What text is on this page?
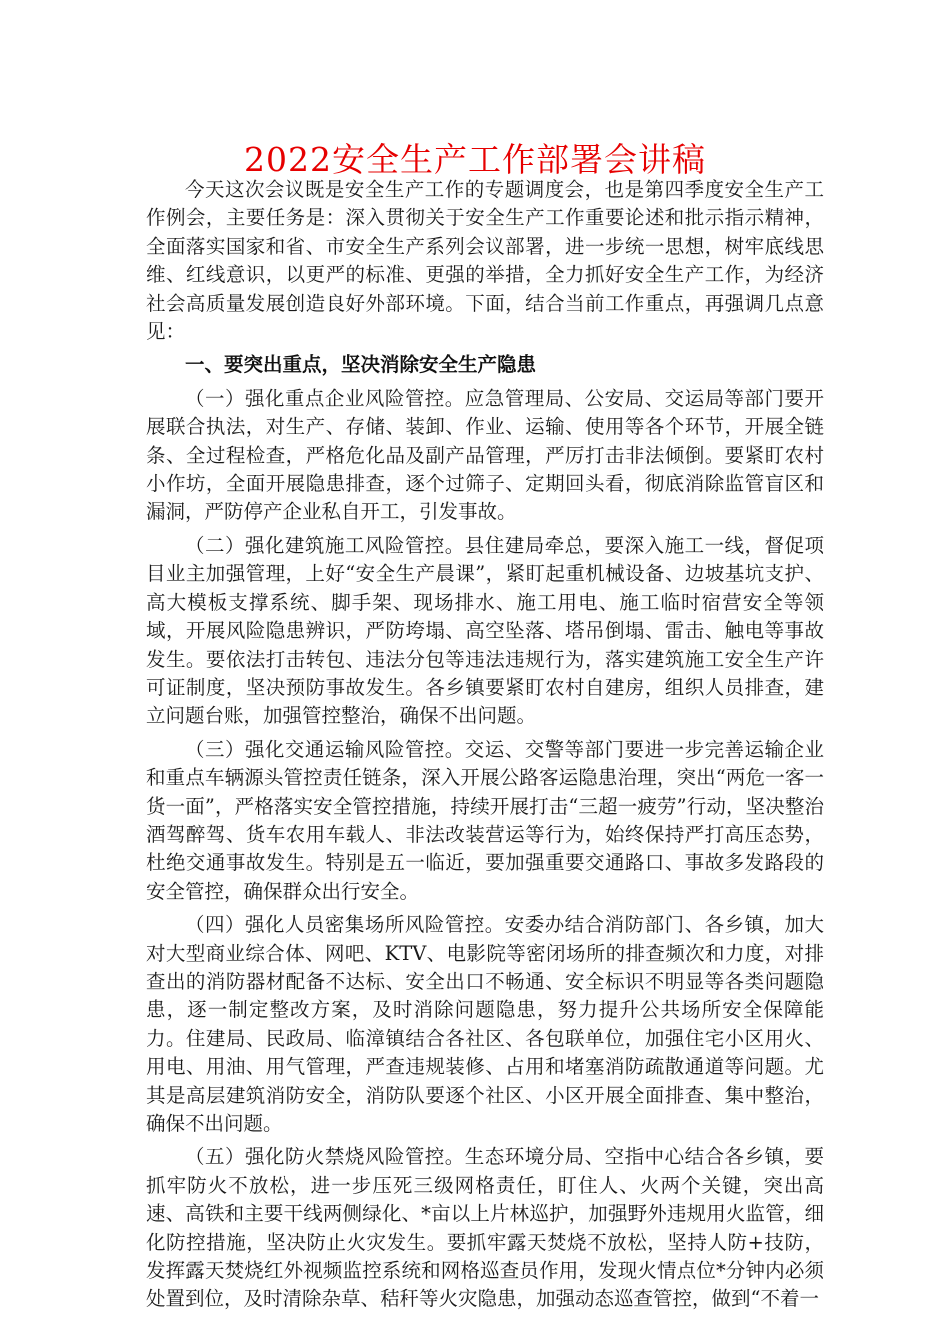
2022安全生产工作部署会讲稿

今天这次会议既是安全生产工作的专题调度会，也是第四季度安全生产工作例会，主要任务是：深入贯彻关于安全生产工作重要论述和批示指示精神，全面落实国家和省、市安全生产系列会议部署，进一步统一思想，树牢底线思维、红线意识，以更严的标准、更强的举措，全力抓好安全生产工作，为经济社会高质量发展创造良好外部环境。下面，结合当前工作重点，再强调几点意见：

一、要突出重点，坚决消除安全生产隐患

（一）强化重点企业风险管控。应急管理局、公安局、交运局等部门要开展联合执法，对生产、存储、装卸、作业、运输、使用等各个环节，开展全链条、全过程检查，严格危化品及副产品管理，严厉打击非法倾倒。要紧盯农村小作坊，全面开展隐患排查，逐个过筛子、定期回头看，彻底消除监管盲区和漏洞，严防停产企业私自开工，引发事故。

（二）强化建筑施工风险管控。县住建局牵总，要深入施工一线，督促项目业主加强管理，上好“安全生产晨课”，紧盯起重机械设备、边坡基坑支护、高大模板支撑系统、脚手架、现场排水、施工用电、施工临时宿营安全等领域，开展风险隐患辨识，严防垮塌、高空坠落、塔吊倒塌、雷击、触电等事故发生。要依法打击转包、违法分包等违法违规行为，落实建筑施工安全生产许可证制度，坚决预防事故发生。各乡镇要紧盯农村自建房，组织人员排查，建立问题台账，加强管控整治，确保不出问题。

（三）强化交通运输风险管控。交运、交警等部门要进一步完善运输企业和重点车辆源头管控责任链条，深入开展公路客运隐患治理，突出“两危一客一货一面”，严格落实安全管控措施，持续开展打击“三超一疲劳”行动，坚决整治酒驾醉驾、货车农用车载人、非法改装营运等行为，始终保持严打高压态势，杜绝交通事故发生。特别是五一临近，要加强重要交通路口、事故多发路段的安全管控，确保群众出行安全。

（四）强化人员密集场所风险管控。安委办结合消防部门、各乡镇，加大对大型商业综合体、网吧、KTV、电影院等密闭场所的排查频次和力度，对排查出的消防器材配备不达标、安全出口不畅通、安全标识不明显等各类问题隐患，逐一制定整改方案，及时消除问题隐患，努力提升公共场所安全保障能力。住建局、民政局、临漳镇结合各社区、各包联单位，加强住宅小区用火、用电、用油、用气管理，严查违规装修、占用和堵塞消防疏散通道等问题。尤其是高层建筑消防安全，消防队要逐个社区、小区开展全面排查、集中整治，确保不出问题。

（五）强化防火禁烧风险管控。生态环境分局、空指中心结合各乡镇，要抓牢防火不放松，进一步压死三级网格责任，盯住人、火两个关键，突出高速、高铁和主要干线两侧绿化、*亩以上片林巡护，加强野外违规用火监管，细化防控措施，坚决防止火灾发生。要抓牢露天焚烧不放松，坚持人防+技防，发挥露天焚烧红外视频监控系统和网格巡查员作用，发现火情点位*分钟内必须处置到位，及时清除杂草、秸秆等火灾隐患，加强动态巡查管控，做到“不着一
